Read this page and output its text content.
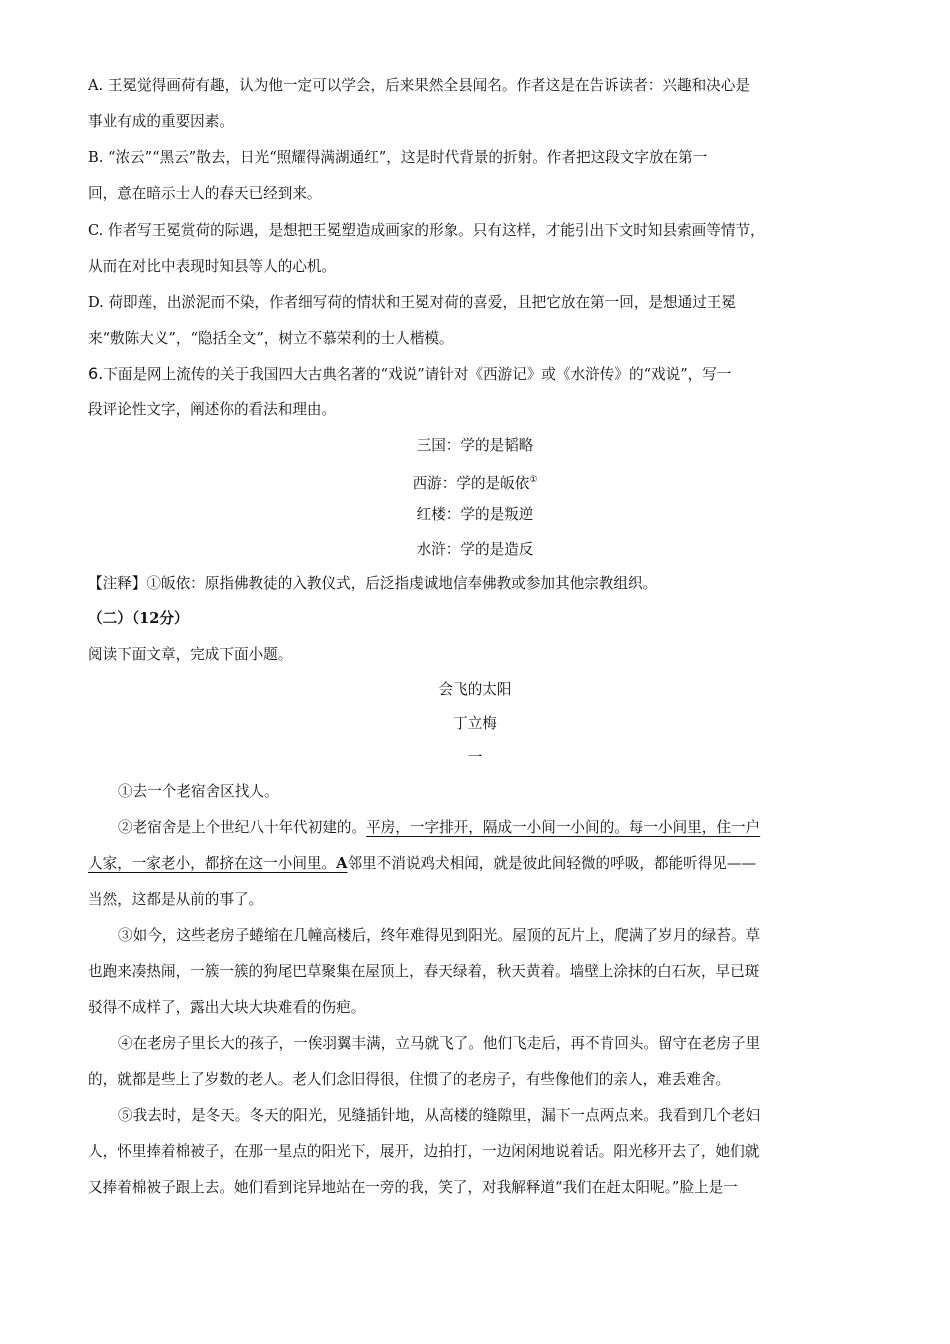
A. 王冕觉得画荷有趣，认为他一定可以学会，后来果然全县闻名。作者这是在告诉读者：兴趣和决心是
事业有成的重要因素。
B. “浓云”“黑云”散去，日光“照耀得满湖通红”，这是时代背景的折射。作者把这段文字放在第一
回，意在暗示士人的春天已经到来。
C. 作者写王冕赏荷的际遇，是想把王冕塑造成画家的形象。只有这样，才能引出下文时知县索画等情节，
从而在对比中表现时知县等人的心机。
D. 荷即莲，出淤泥而不染，作者细写荷的情状和王冕对荷的喜爱，且把它放在第一回，是想通过王冕
来“敷陈大义”，“隐括全文”，树立不慕荣利的士人楷模。
6.下面是网上流传的关于我国四大古典名著的“戏说”请针对《西游记》或《水浒传》的“戏说”，写一
段评论性文字，阐述你的看法和理由。
三国：学的是韬略
西游：学的是皈依①
红楼：学的是叛逆
水浒：学的是造反
【注释】①皈依：原指佛教徒的入教仪式，后泛指虔诚地信奉佛教或参加其他宗教组织。
（二）（12分）
阅读下面文章，完成下面小题。
会飞的太阳
丁立梅
一
①去一个老宿舍区找人。
②老宿舍是上个世纪八十年代初建的。平房，一字排开，隔成一小间一小间的。每一小间里，住一户
人家，一家老小，都挤在这一小间里。A邻里不消说鸡犬相闻，就是彼此间轻微的呼吸，都能听得见——
当然，这都是从前的事了。
③如今，这些老房子蜷缩在几幢高楼后，终年难得见到阳光。屋顶的瓦片上，爬满了岁月的绿苔。草
也跑来凑热闹，一簇一簇的狗尾巴草聚集在屋顶上，春天绿着，秋天黄着。墙壁上涂抹的白石灰，早已斑
驳得不成样了，露出大块大块难看的伤疤。
④在老房子里长大的孩子，一俟羽翼丰满，立马就飞了。他们飞走后，再不肯回头。留守在老房子里
的，就都是些上了岁数的老人。老人们念旧得很，住惯了的老房子，有些像他们的亲人，难丢难舍。
⑤我去时，是冬天。冬天的阳光，见缝插针地，从高楼的缝隙里，漏下一点两点来。我看到几个老妇
人，怀里捧着棉被子，在那一星点的阳光下，展开，边拍打，一边闲闲地说着话。阳光移开去了，她们就
又捧着棉被子跟上去。她们看到诧异地站在一旁的我，笑了，对我解释道“我们在赶太阳呢。”脸上是一
